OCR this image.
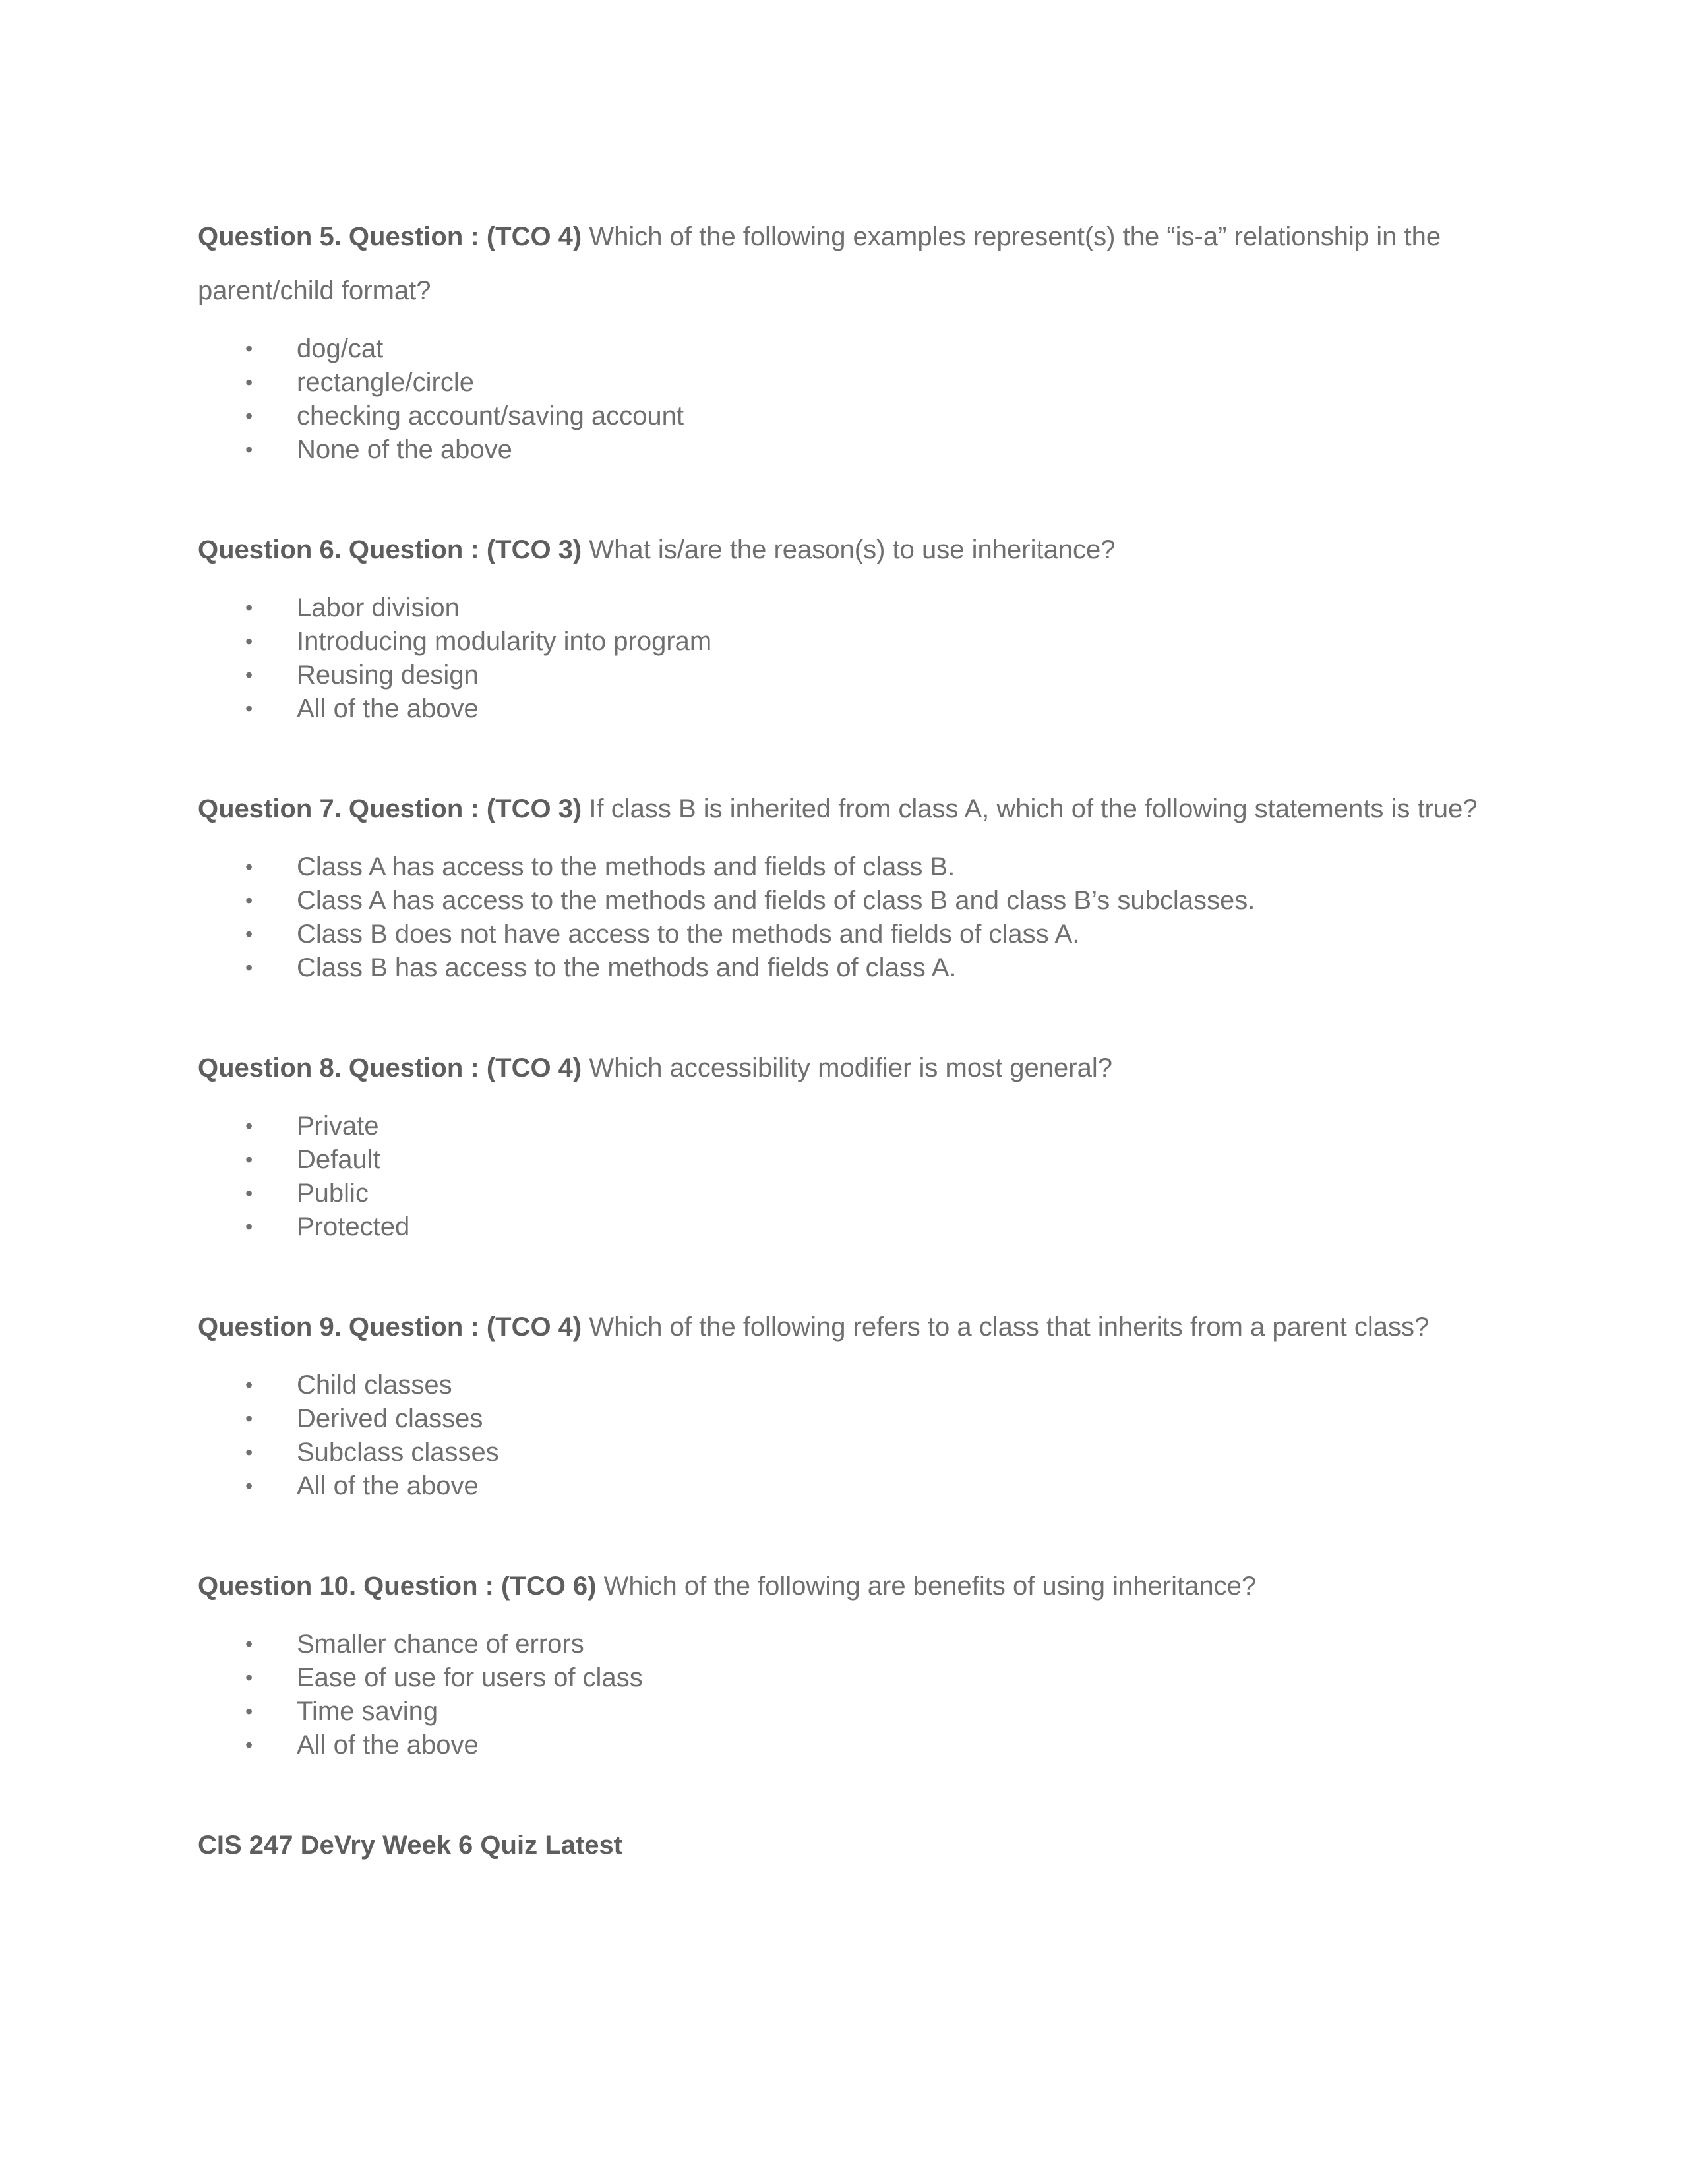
Question 5. Question : (TCO 4) Which of the following examples represent(s) the “is-a” relationship in the parent/child format?

• dog/cat
• rectangle/circle
• checking account/saving account
• None of the above

Question 6. Question : (TCO 3) What is/are the reason(s) to use inheritance?

• Labor division
• Introducing modularity into program
• Reusing design
• All of the above

Question 7. Question : (TCO 3) If class B is inherited from class A, which of the following statements is true?

• Class A has access to the methods and fields of class B.
• Class A has access to the methods and fields of class B and class B’s subclasses.
• Class B does not have access to the methods and fields of class A.
• Class B has access to the methods and fields of class A.

Question 8. Question : (TCO 4) Which accessibility modifier is most general?

• Private
• Default
• Public
• Protected

Question 9. Question : (TCO 4) Which of the following refers to a class that inherits from a parent class?

• Child classes
• Derived classes
• Subclass classes
• All of the above

Question 10. Question : (TCO 6) Which of the following are benefits of using inheritance?

• Smaller chance of errors
• Ease of use for users of class
• Time saving
• All of the above

CIS 247 DeVry Week 6 Quiz Latest
